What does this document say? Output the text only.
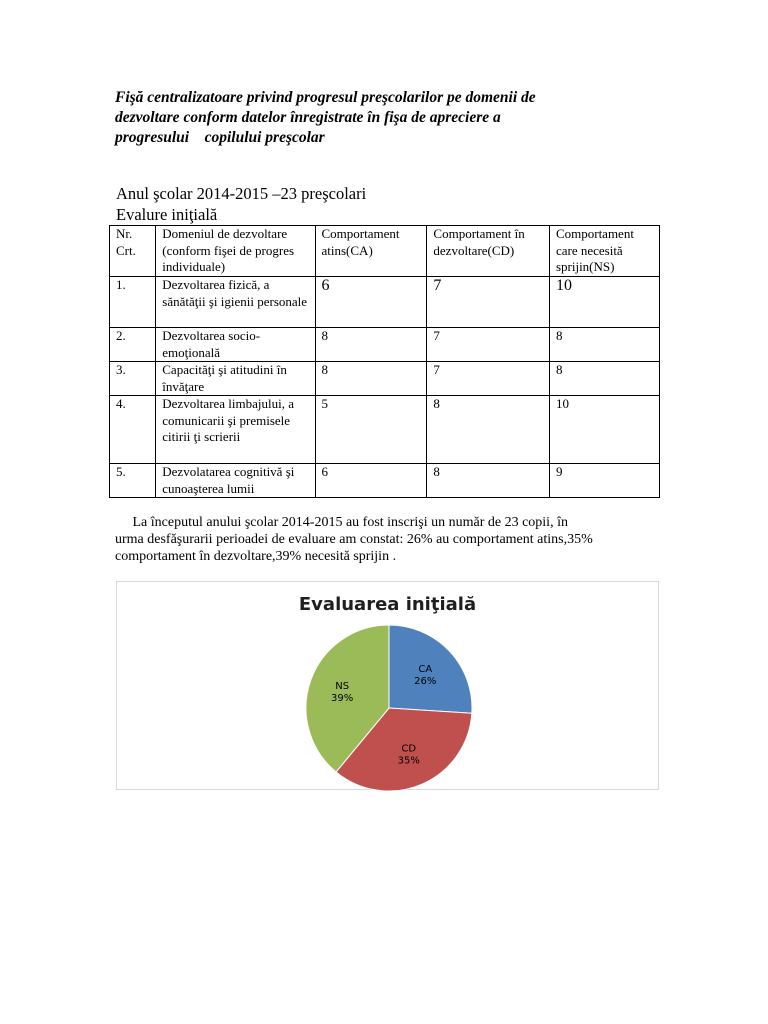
Fişă centralizatoare privind progresul preşcolarilor pe domenii de
dezvoltare conform datelor înregistrate în fişa de apreciere a
progresului    copilului preşcolar
Anul şcolar 2014-2015 –23 preşcolari
Evalure iniţială
Nr. Crt.	Domeniul de dezvoltare (conform fişei de progres individuale)	Comportament atins(CA)	Comportament în dezvoltare(CD)	Comportament care necesită sprijin(NS)
1.	Dezvoltarea fizică, a sănătăţii şi igienii personale	6	7	10
2.	Dezvoltarea socio-emoţională	8	7	8
3.	Capacităţi şi atitudini în învăţare	8	7	8
4.	Dezvoltarea limbajului, a comunicarii şi premisele citirii ţi scrierii	5	8	10
5.	Dezvolatarea cognitivă şi cunoaşterea lumii	6	8	9
La începutul anului şcolar 2014-2015 au fost inscrişi un număr de 23 copii, în
urma desfăşurarii perioadei de evaluare am constat: 26% au comportament atins,35%
comportament în dezvoltare,39% necesită sprijin .
Evaluarea iniţială
CA
26%
CD
35%
NS
39%
